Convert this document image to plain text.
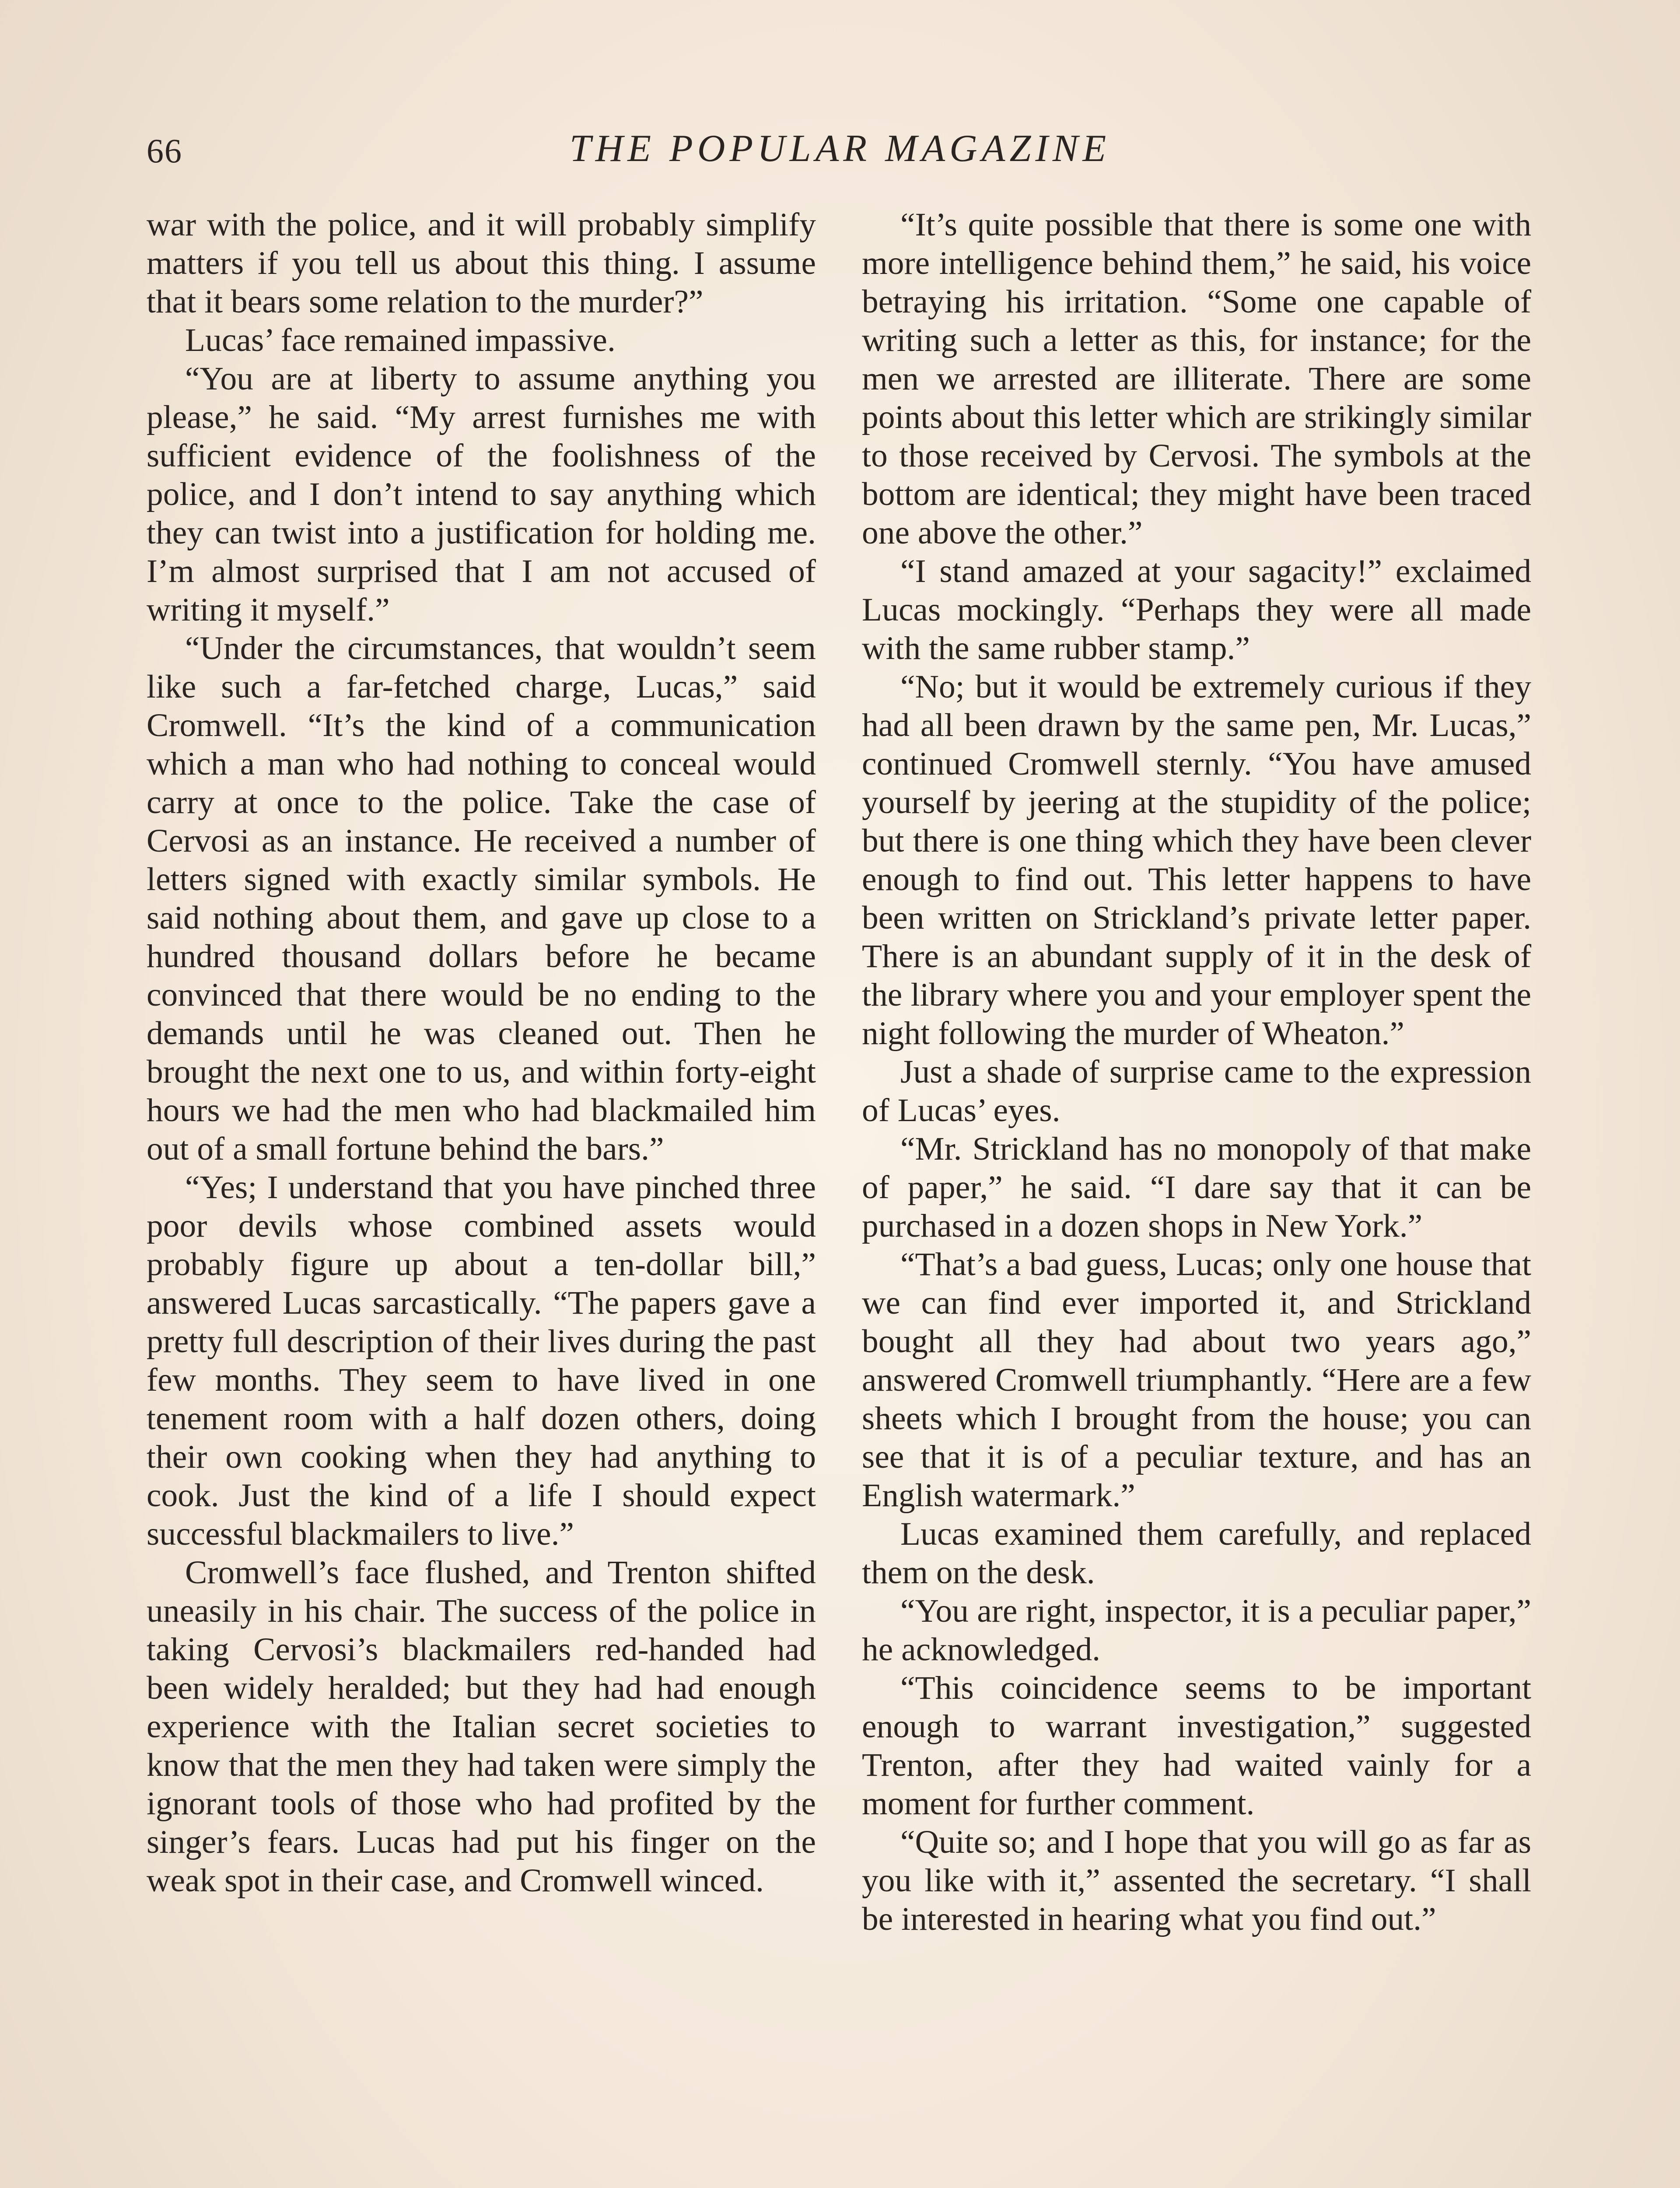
66	THE POPULAR MAGAZINE

war with the police, and it will probably simplify matters if you tell us about this thing. I assume that it bears some relation to the murder?”

Lucas’ face remained impassive.

“You are at liberty to assume anything you please,” he said. “My arrest furnishes me with sufficient evidence of the foolishness of the police, and I don’t intend to say anything which they can twist into a justification for holding me. I’m almost surprised that I am not accused of writing it myself.”

“Under the circumstances, that wouldn’t seem like such a far-fetched charge, Lucas,” said Cromwell. “It’s the kind of a communication which a man who had nothing to conceal would carry at once to the police. Take the case of Cervosi as an instance. He received a number of letters signed with exactly similar symbols. He said nothing about them, and gave up close to a hundred thousand dollars before he became convinced that there would be no ending to the demands until he was cleaned out. Then he brought the next one to us, and within forty-eight hours we had the men who had blackmailed him out of a small fortune behind the bars.”

“Yes; I understand that you have pinched three poor devils whose combined assets would probably figure up about a ten-dollar bill,” answered Lucas sarcastically. “The papers gave a pretty full description of their lives during the past few months. They seem to have lived in one tenement room with a half dozen others, doing their own cooking when they had anything to cook. Just the kind of a life I should expect successful blackmailers to live.”

Cromwell’s face flushed, and Trenton shifted uneasily in his chair. The success of the police in taking Cervosi’s blackmailers red-handed had been widely heralded; but they had had enough experience with the Italian secret societies to know that the men they had taken were simply the ignorant tools of those who had profited by the singer’s fears. Lucas had put his finger on the weak spot in their case, and Cromwell winced.

“It’s quite possible that there is some one with more intelligence behind them,” he said, his voice betraying his irritation. “Some one capable of writing such a letter as this, for instance; for the men we arrested are illiterate. There are some points about this letter which are strikingly similar to those received by Cervosi. The symbols at the bottom are identical; they might have been traced one above the other.”

“I stand amazed at your sagacity!” exclaimed Lucas mockingly. “Perhaps they were all made with the same rubber stamp.”

“No; but it would be extremely curious if they had all been drawn by the same pen, Mr. Lucas,” continued Cromwell sternly. “You have amused yourself by jeering at the stupidity of the police; but there is one thing which they have been clever enough to find out. This letter happens to have been written on Strickland’s private letter paper. There is an abundant supply of it in the desk of the library where you and your employer spent the night following the murder of Wheaton.”

Just a shade of surprise came to the expression of Lucas’ eyes.

“Mr. Strickland has no monopoly of that make of paper,” he said. “I dare say that it can be purchased in a dozen shops in New York.”

“That’s a bad guess, Lucas; only one house that we can find ever imported it, and Strickland bought all they had about two years ago,” answered Cromwell triumphantly. “Here are a few sheets which I brought from the house; you can see that it is of a peculiar texture, and has an English watermark.”

Lucas examined them carefully, and replaced them on the desk.

“You are right, inspector, it is a peculiar paper,” he acknowledged.

“This coincidence seems to be important enough to warrant investigation,” suggested Trenton, after they had waited vainly for a moment for further comment.

“Quite so; and I hope that you will go as far as you like with it,” assented the secretary. “I shall be interested in hearing what you find out.”
